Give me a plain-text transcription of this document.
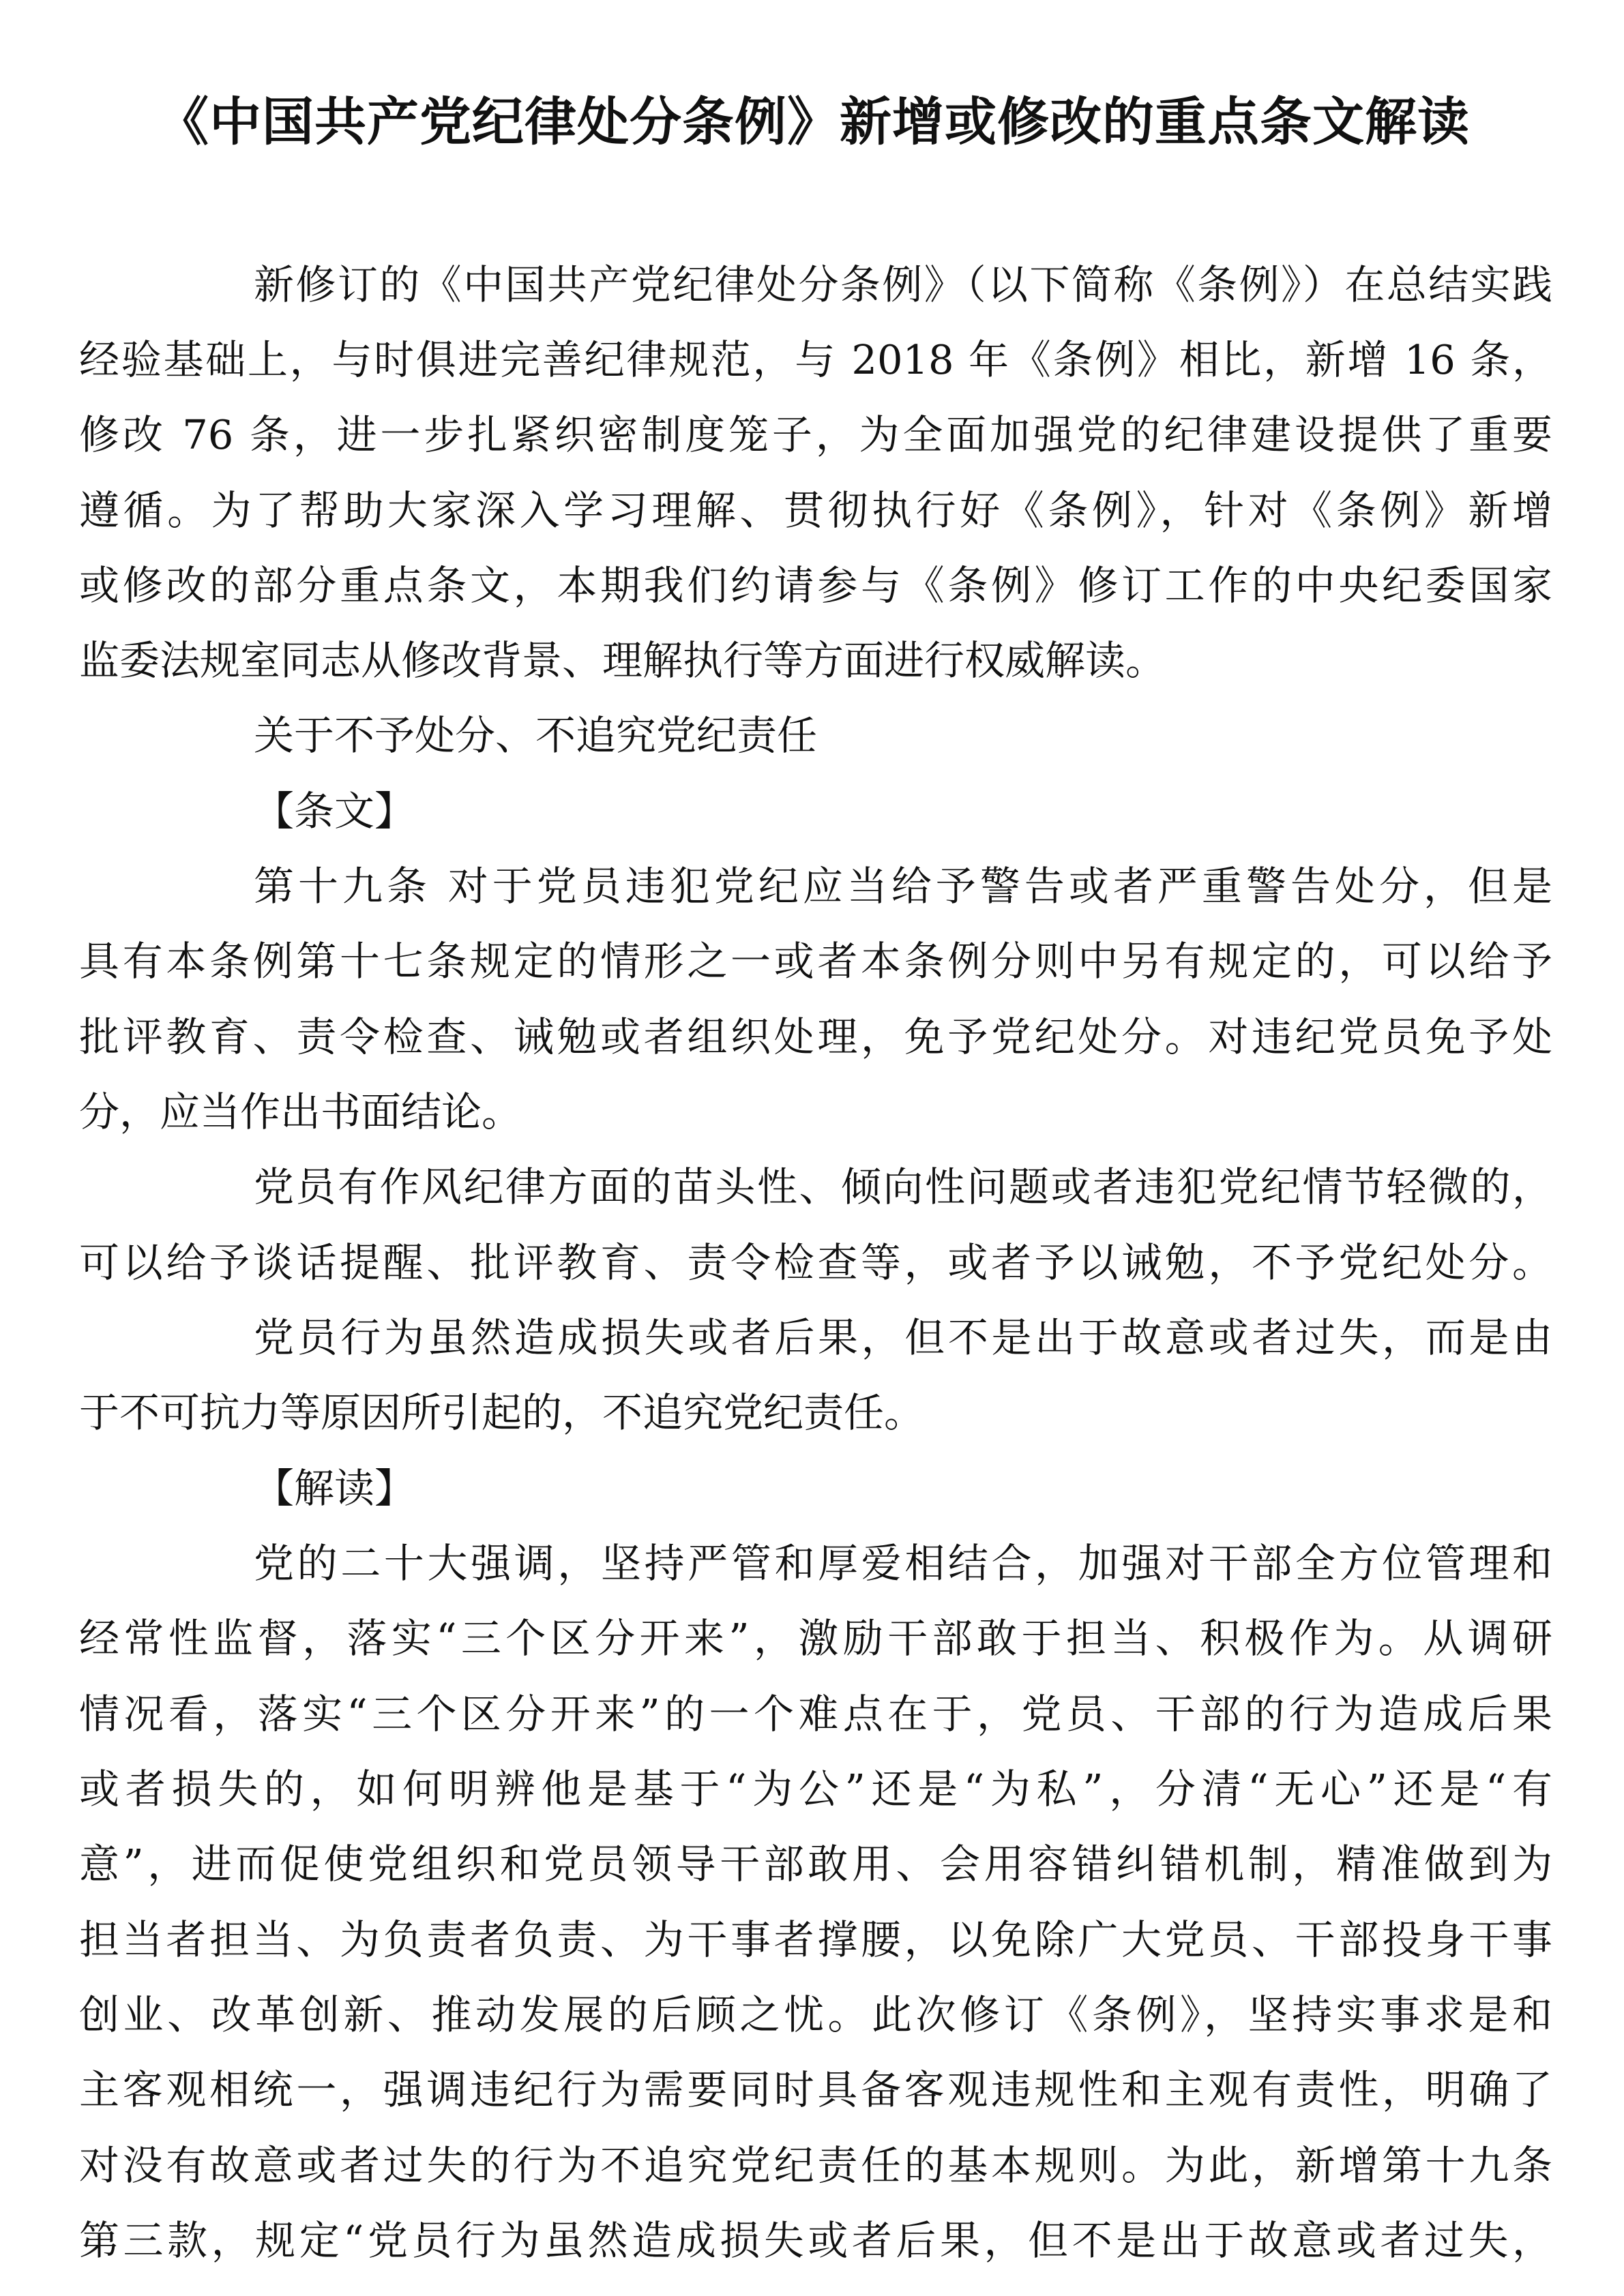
《中国共产党纪律处分条例》新增或修改的重点条文解读
新修订的《中国共产党纪律处分条例》（以下简称《条例》）在总结实践
经验基础上，与时俱进完善纪律规范，与 2018 年《条例》相比，新增 16 条，
修改 76 条，进一步扎紧织密制度笼子，为全面加强党的纪律建设提供了重要
遵循。为了帮助大家深入学习理解、贯彻执行好《条例》，针对《条例》新增
或修改的部分重点条文，本期我们约请参与《条例》修订工作的中央纪委国家
监委法规室同志从修改背景、理解执行等方面进行权威解读。
关于不予处分、不追究党纪责任
【条文】
第十九条 对于党员违犯党纪应当给予警告或者严重警告处分，但是
具有本条例第十七条规定的情形之一或者本条例分则中另有规定的，可以给予
批评教育、责令检查、诫勉或者组织处理，免予党纪处分。对违纪党员免予处
分，应当作出书面结论。
党员有作风纪律方面的苗头性、倾向性问题或者违犯党纪情节轻微的，
可以给予谈话提醒、批评教育、责令检查等，或者予以诫勉，不予党纪处分。
党员行为虽然造成损失或者后果，但不是出于故意或者过失，而是由
于不可抗力等原因所引起的，不追究党纪责任。
【解读】
党的二十大强调，坚持严管和厚爱相结合，加强对干部全方位管理和
经常性监督，落实“三个区分开来”，激励干部敢于担当、积极作为。从调研
情况看，落实“三个区分开来”的一个难点在于，党员、干部的行为造成后果
或者损失的，如何明辨他是基于“为公”还是“为私”，分清“无心”还是“有
意”，进而促使党组织和党员领导干部敢用、会用容错纠错机制，精准做到为
担当者担当、为负责者负责、为干事者撑腰，以免除广大党员、干部投身干事
创业、改革创新、推动发展的后顾之忧。此次修订《条例》，坚持实事求是和
主客观相统一，强调违纪行为需要同时具备客观违规性和主观有责性，明确了
对没有故意或者过失的行为不追究党纪责任的基本规则。为此，新增第十九条
第三款，规定“党员行为虽然造成损失或者后果，但不是出于故意或者过失，
